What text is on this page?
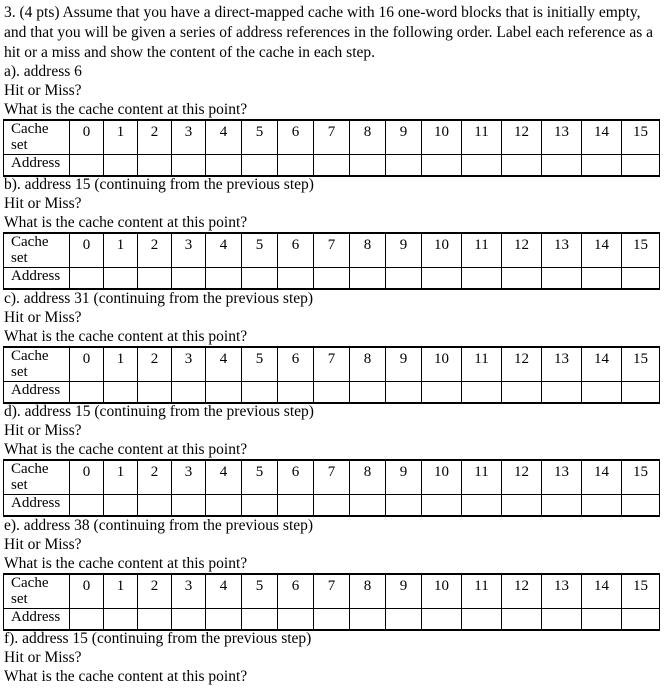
3. (4 pts) Assume that you have a direct-mapped cache with 16 one-word blocks that is initially empty, and that you will be given a series of address references in the following order. Label each reference as a hit or a miss and show the content of the cache in each step.
a). address 6
Hit or Miss?
What is the cache content at this point?
Cache
set	0	1	2	3	4	5	6	7	8	9	10	11	12	13	14	15
Address																
b). address 15 (continuing from the previous step)
Hit or Miss?
What is the cache content at this point?
Cache
set	0	1	2	3	4	5	6	7	8	9	10	11	12	13	14	15
Address																
c). address 31 (continuing from the previous step)
Hit or Miss?
What is the cache content at this point?
Cache
set	0	1	2	3	4	5	6	7	8	9	10	11	12	13	14	15
Address																
d). address 15 (continuing from the previous step)
Hit or Miss?
What is the cache content at this point?
Cache
set	0	1	2	3	4	5	6	7	8	9	10	11	12	13	14	15
Address																
e). address 38 (continuing from the previous step)
Hit or Miss?
What is the cache content at this point?
Cache
set	0	1	2	3	4	5	6	7	8	9	10	11	12	13	14	15
Address																
f). address 15 (continuing from the previous step)
Hit or Miss?
What is the cache content at this point?
